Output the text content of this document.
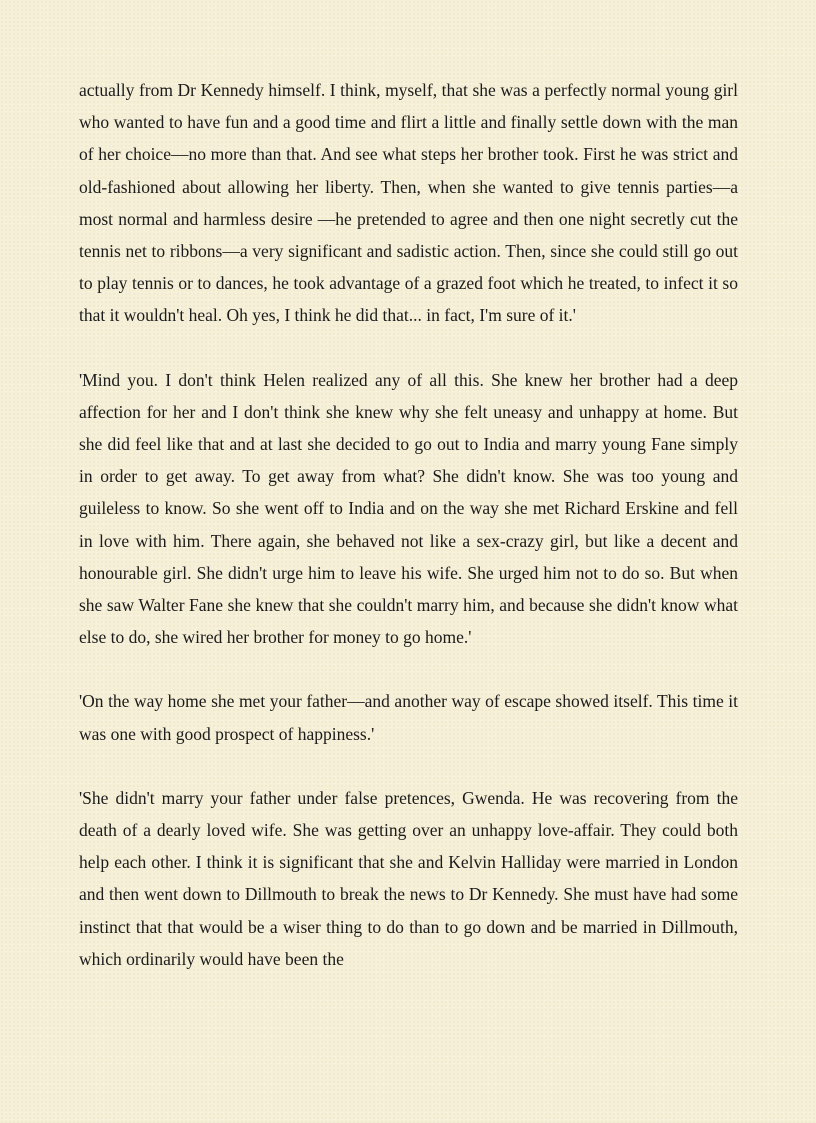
actually from Dr Kennedy himself. I think, myself, that she was a perfectly normal young girl who wanted to have fun and a good time and flirt a little and finally settle down with the man of her choice—no more than that. And see what steps her brother took. First he was strict and old-fashioned about allowing her liberty. Then, when she wanted to give tennis parties—a most normal and harmless desire —he pretended to agree and then one night secretly cut the tennis net to ribbons—a very significant and sadistic action. Then, since she could still go out to play tennis or to dances, he took advantage of a grazed foot which he treated, to infect it so that it wouldn't heal. Oh yes, I think he did that... in fact, I'm sure of it.'

'Mind you. I don't think Helen realized any of all this. She knew her brother had a deep affection for her and I don't think she knew why she felt uneasy and unhappy at home. But she did feel like that and at last she decided to go out to India and marry young Fane simply in order to get away. To get away from what? She didn't know. She was too young and guileless to know. So she went off to India and on the way she met Richard Erskine and fell in love with him. There again, she behaved not like a sex-crazy girl, but like a decent and honourable girl. She didn't urge him to leave his wife. She urged him not to do so. But when she saw Walter Fane she knew that she couldn't marry him, and because she didn't know what else to do, she wired her brother for money to go home.'

'On the way home she met your father—and another way of escape showed itself. This time it was one with good prospect of happiness.'

'She didn't marry your father under false pretences, Gwenda. He was recovering from the death of a dearly loved wife. She was getting over an unhappy love-affair. They could both help each other. I think it is significant that she and Kelvin Halliday were married in London and then went down to Dillmouth to break the news to Dr Kennedy. She must have had some instinct that that would be a wiser thing to do than to go down and be married in Dillmouth, which ordinarily would have been the
